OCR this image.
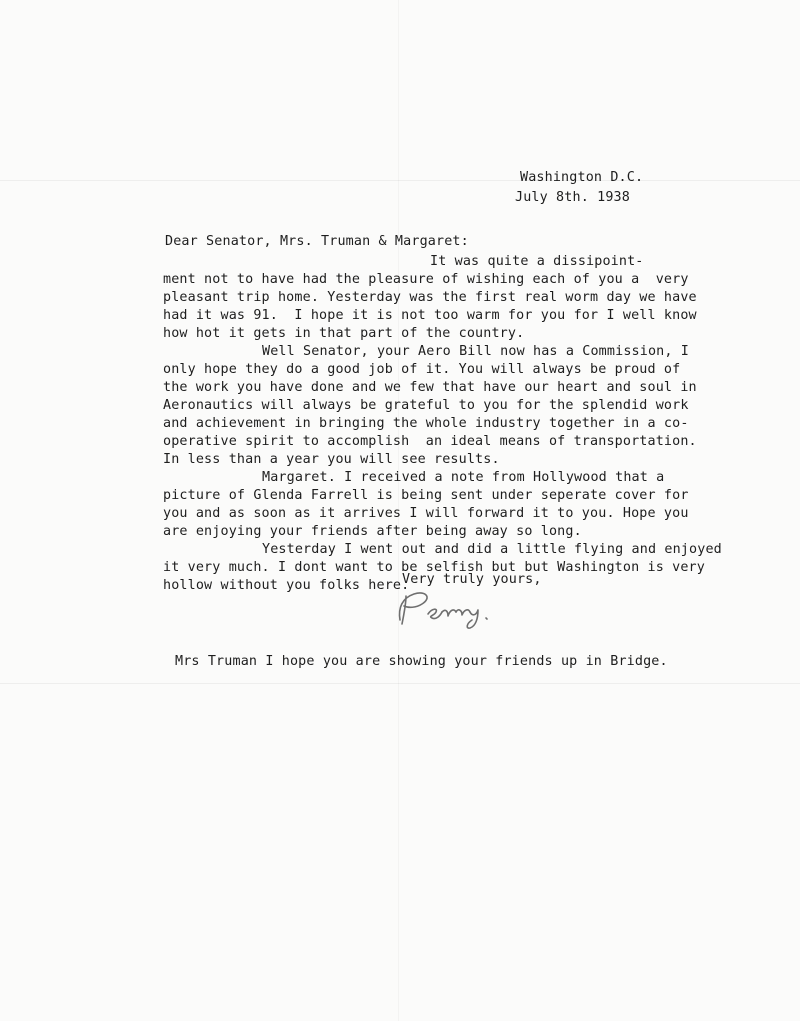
Washington D.C.
July 8th. 1938
Dear Senator, Mrs. Truman & Margaret:
It was quite a dissipoint-
ment not to have had the pleasure of wishing each of you a  very
pleasant trip home. Yesterday was the first real worm day we have
had it was 91.  I hope it is not too warm for you for I well know
how hot it gets in that part of the country.
Well Senator, your Aero Bill now has a Commission, I
only hope they do a good job of it. You will always be proud of
the work you have done and we few that have our heart and soul in
Aeronautics will always be grateful to you for the splendid work
and achievement in bringing the whole industry together in a co-
operative spirit to accomplish  an ideal means of transportation.
In less than a year you will see results.
Margaret. I received a note from Hollywood that a
picture of Glenda Farrell is being sent under seperate cover for
you and as soon as it arrives I will forward it to you. Hope you
are enjoying your friends after being away so long.
Yesterday I went out and did a little flying and enjoyed
it very much. I dont want to be selfish but but Washington is very
hollow without you folks here.
Very truly yours,
Mrs Truman I hope you are showing your friends up in Bridge.
